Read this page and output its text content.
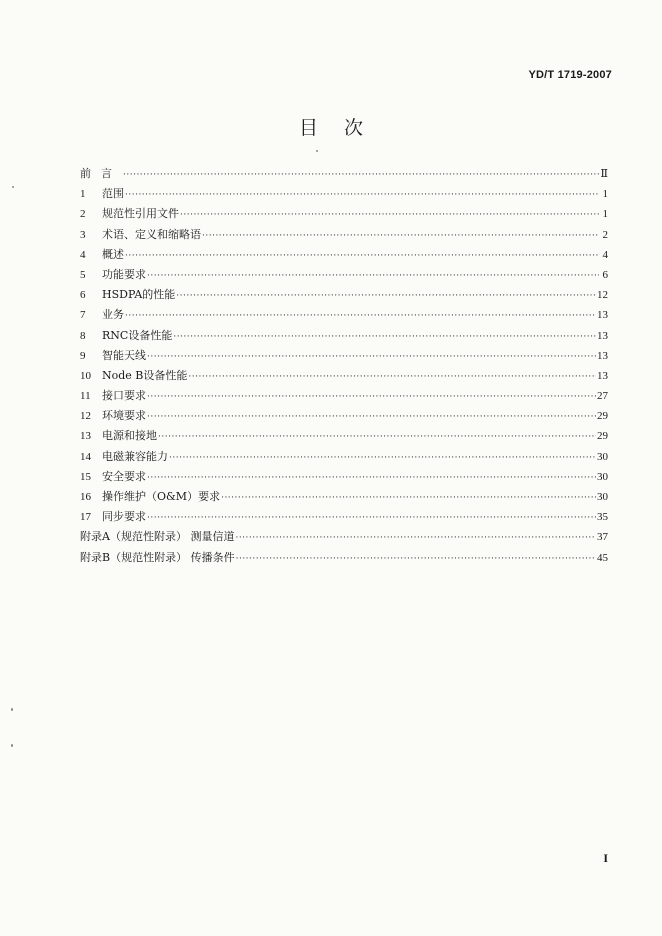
YD/T 1719-2007
目次
前言 ·····	Ⅱ
1	范围 ·····	1
2	规范性引用文件 ·····	1
3	术语、定义和缩略语 ·····	2
4	概述 ·····	4
5	功能要求 ·····	6
6	HSDPA的性能 ·····	12
7	业务 ·····	13
8	RNC设备性能 ·····	13
9	智能天线 ·····	13
10	Node B设备性能 ·····	13
11	接口要求 ·····	27
12	环境要求 ·····	29
13	电源和接地 ·····	29
14	电磁兼容能力 ·····	30
15	安全要求 ·····	30
16	操作维护（O&M）要求 ·····	30
17	同步要求 ·····	35
附录A（规范性附录） 测量信道 ·····	37
附录B（规范性附录） 传播条件 ·····	45
I
